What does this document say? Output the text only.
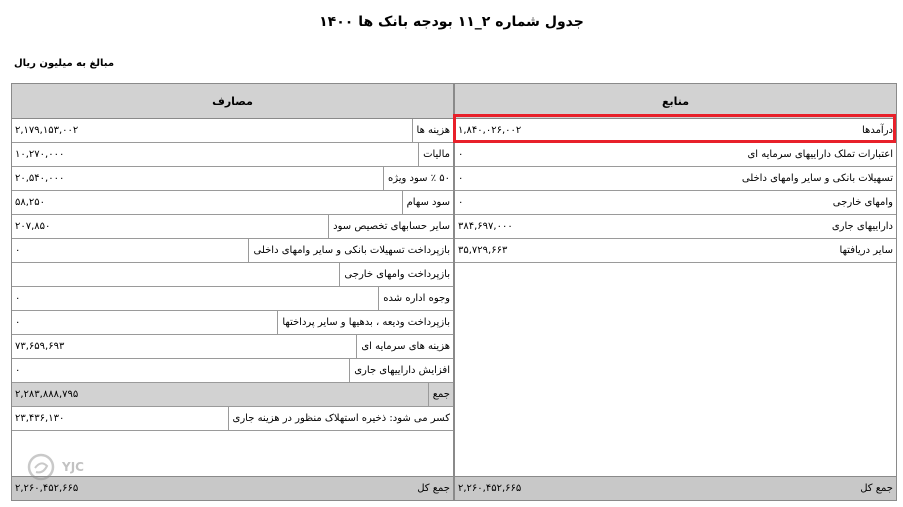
جدول شماره ۲_۱۱ بودجه بانک ها ۱۴۰۰
مبالغ به میلیون ریال
مصارف
۲,۱۷۹,۱۵۳,۰۰۲	هزینه ها
۱۰,۲۷۰,۰۰۰	مالیات
۲۰,۵۴۰,۰۰۰	۵۰ ٪ سود ویژه
۵۸,۲۵۰	سود سهام
۲۰۷,۸۵۰	سایر حسابهای تخصیص سود
۰	بازپرداخت تسهیلات بانکی و سایر وامهای داخلی
بازپرداخت وامهای خارجی
۰	وجوه اداره شده
۰	بازپرداخت ودیعه ، بدهیها و سایر پرداختها
۷۳,۶۵۹,۶۹۳	هزینه های سرمایه ای
۰	افزایش داراییهای جاری
۲,۲۸۳,۸۸۸,۷۹۵	جمع
۲۳,۴۳۶,۱۳۰	کسر می شود: ذخیره استهلاک منظور در هزینه جاری
۲,۲۶۰,۴۵۲,۶۶۵	جمع کل
منابع
۱,۸۴۰,۰۲۶,۰۰۲	درآمدها
۰	اعتبارات تملک داراییهای سرمایه ای
۰	تسهیلات بانکی و سایر وامهای داخلی
۰	وامهای خارجی
۳۸۴,۶۹۷,۰۰۰	داراییهای جاری
۳۵,۷۲۹,۶۶۳	سایر دریافتها
۲,۲۶۰,۴۵۲,۶۶۵	جمع کل
YJC
